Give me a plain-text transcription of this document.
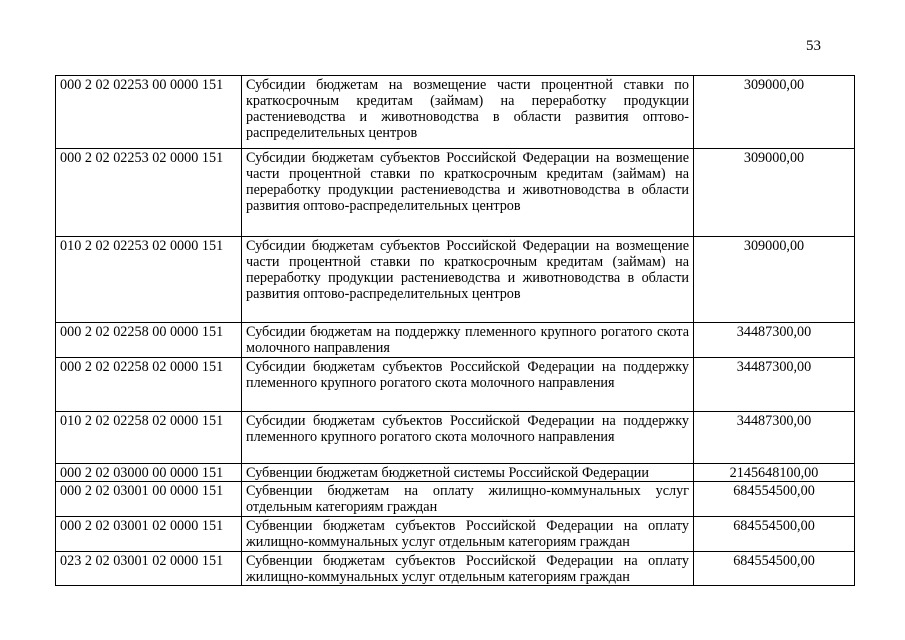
53
000 2 02 02253 00 0000 151	Субсидии бюджетам на возмещение части процентной ставки по краткосрочным кредитам (займам) на переработку продукции растениеводства и животноводства в области развития оптово-распределительных центров	309000,00
000 2 02 02253 02 0000 151	Субсидии бюджетам субъектов Российской Федерации на возмещение части процентной ставки по краткосрочным кредитам (займам) на переработку продукции растениеводства и животноводства в области развития оптово-распределительных центров	309000,00
010 2 02 02253 02 0000 151	Субсидии бюджетам субъектов Российской Федерации на возмещение части процентной ставки по краткосрочным кредитам (займам) на переработку продукции растениеводства и животноводства в области развития оптово-распределительных центров	309000,00
000 2 02 02258 00 0000 151	Субсидии бюджетам на поддержку племенного крупного рогатого скота молочного направления	34487300,00
000 2 02 02258 02 0000 151	Субсидии бюджетам субъектов Российской Федерации на поддержку племенного крупного рогатого скота молочного направления	34487300,00
010 2 02 02258 02 0000 151	Субсидии бюджетам субъектов Российской Федерации на поддержку племенного крупного рогатого скота молочного направления	34487300,00
000 2 02 03000 00 0000 151	Субвенции бюджетам бюджетной системы Российской Федерации	2145648100,00
000 2 02 03001 00 0000 151	Субвенции бюджетам на оплату жилищно-коммунальных услуг отдельным категориям граждан	684554500,00
000 2 02 03001 02 0000 151	Субвенции бюджетам субъектов Российской Федерации на оплату жилищно-коммунальных услуг отдельным категориям граждан	684554500,00
023 2 02 03001 02 0000 151	Субвенции бюджетам субъектов Российской Федерации на оплату жилищно-коммунальных услуг отдельным категориям граждан	684554500,00
